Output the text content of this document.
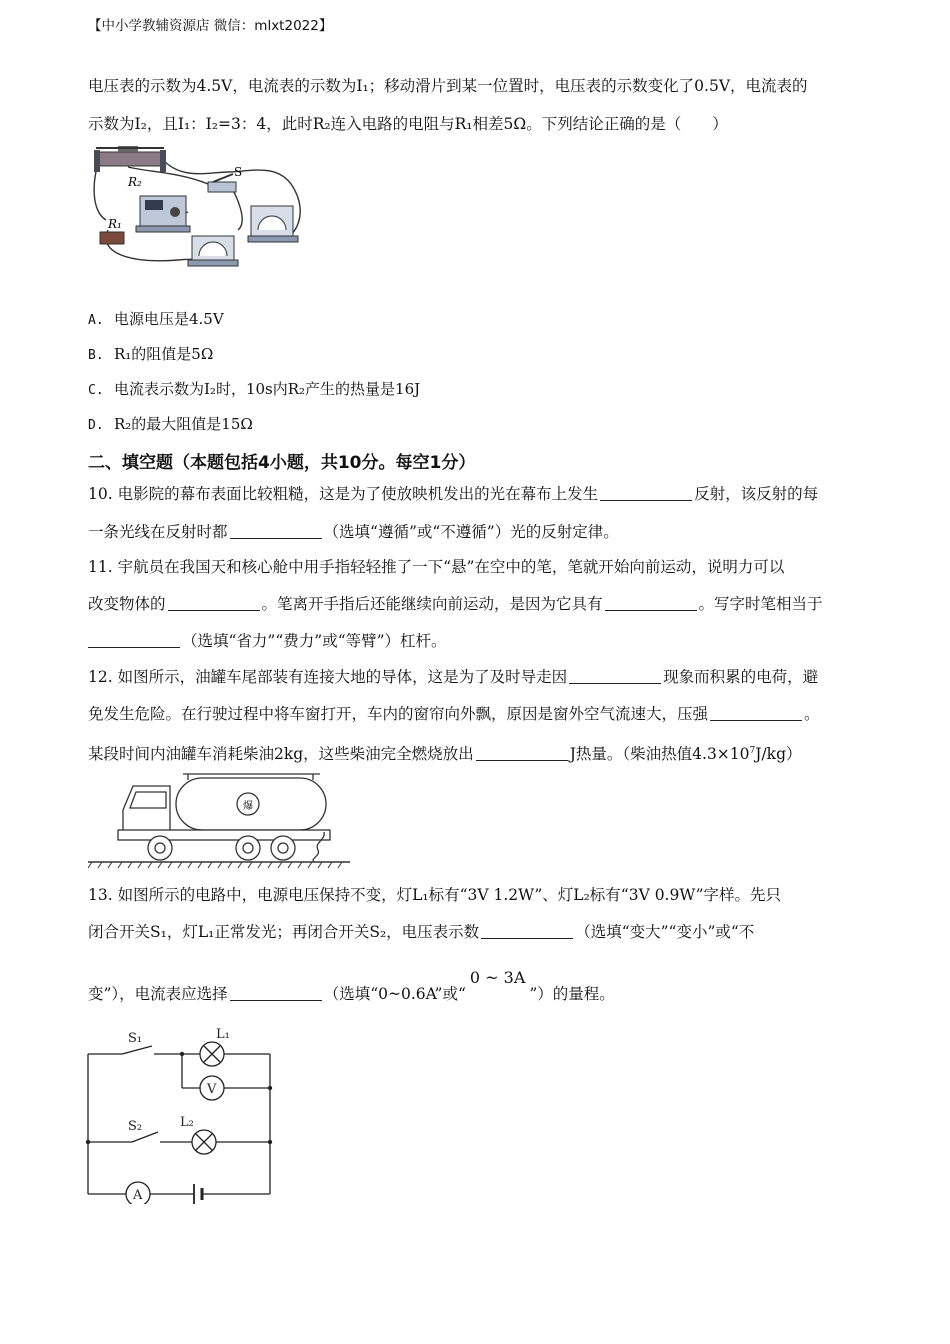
【中小学教辅资源店 微信：mlxt2022】
电压表的示数为4.5V，电流表的示数为I₁；移动滑片到某一位置时，电压表的示数变化了0.5V，电流表的
示数为I₂，且I₁：I₂=3：4，此时R₂连入电路的电阻与R₁相差5Ω。下列结论正确的是（　　）
R₂
S
R₁
A. 电源电压是4.5V
B. R₁的阻值是5Ω
C. 电流表示数为I₂时，10s内R₂产生的热量是16J
D. R₂的最大阻值是15Ω
二、填空题（本题包括4小题，共10分。每空1分）
10. 电影院的幕布表面比较粗糙，这是为了使放映机发出的光在幕布上发生	反射，该反射的每
一条光线在反射时都	（选填“遵循”或“不遵循”）光的反射定律。
11. 宇航员在我国天和核心舱中用手指轻轻推了一下“悬”在空中的笔，笔就开始向前运动，说明力可以
改变物体的	。笔离开手指后还能继续向前运动，是因为它具有	。写字时笔相当于
（选填“省力”“费力”或“等臂”）杠杆。
12. 如图所示，油罐车尾部装有连接大地的导体，这是为了及时导走因	现象而积累的电荷，避
免发生危险。在行驶过程中将车窗打开，车内的窗帘向外飘，原因是窗外空气流速大，压强	。
某段时间内油罐车消耗柴油2kg，这些柴油完全燃烧放出	J热量。（柴油热值$4.3\times 10^7J/kg$）
爆
13. 如图所示的电路中，电源电压保持不变，灯L₁标有“3V 1.2W”、灯L₂标有“3V 0.9W”字样。先只
闭合开关S₁，灯L₁正常发光；再闭合开关S₂，电压表示数	（选填“变大”“变小”或“不
变”），电流表应选择	（选填“0~0.6A”或“0 ~ 3A”）的量程。
S₁	L₁
V
S₂	L₂
A
